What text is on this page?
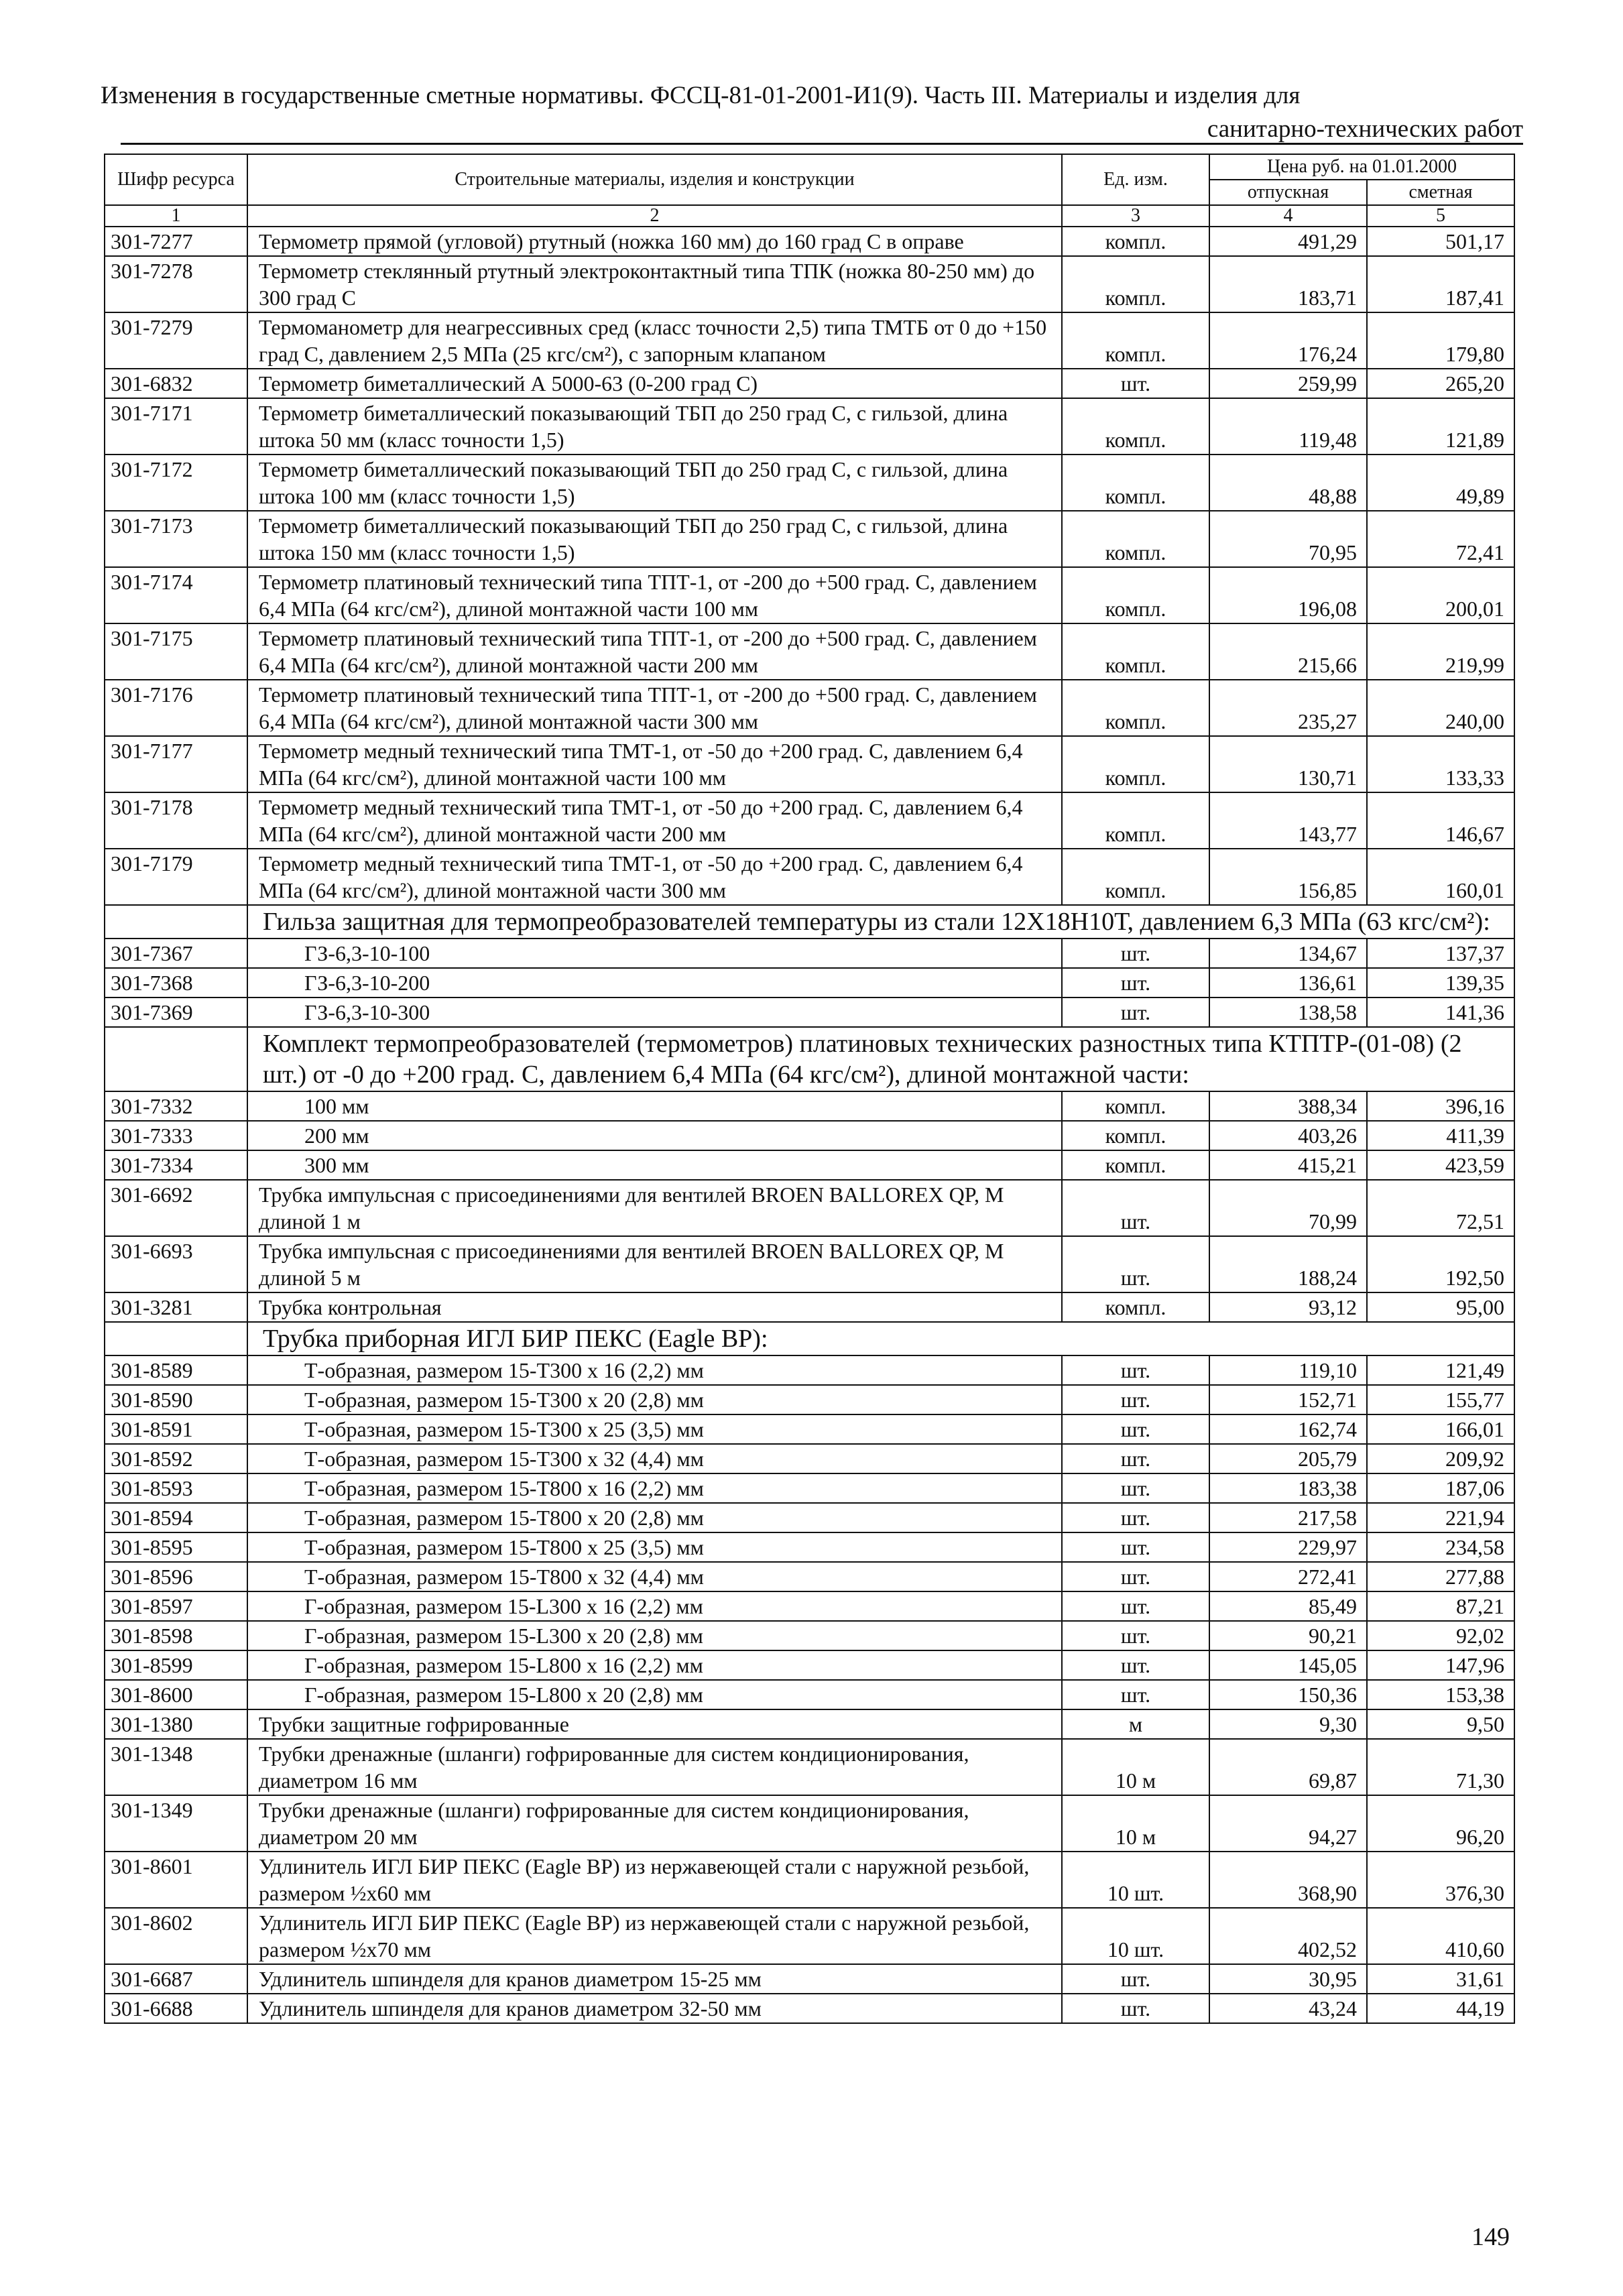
Изменения в государственные сметные нормативы. ФССЦ-81-01-2001-И1(9). Часть III. Материалы и изделия для
санитарно-технических работ
Шифр ресурса	Строительные материалы, изделия и конструкции	Ед. изм.	Цена руб. на 01.01.2000	
			отпускная	сметная
1	2	3	4	5
301-7277	Термометр прямой (угловой) ртутный (ножка 160 мм) до 160 град С в оправе	компл.	491,29	501,17
301-7278	Термометр стеклянный ртутный электроконтактный типа ТПК (ножка 80-250 мм) до 300 град С	компл.	183,71	187,41
301-7279	Термоманометр для неагрессивных сред (класс точности 2,5) типа ТМТБ от 0 до +150 град С, давлением 2,5 МПа (25 кгс/см²), с запорным клапаном	компл.	176,24	179,80
301-6832	Термометр биметаллический А 5000-63 (0-200 град С)	шт.	259,99	265,20
301-7171	Термометр биметаллический показывающий ТБП до 250 град С, с гильзой, длина штока 50 мм (класс точности 1,5)	компл.	119,48	121,89
301-7172	Термометр биметаллический показывающий ТБП до 250 град С, с гильзой, длина штока 100 мм (класс точности 1,5)	компл.	48,88	49,89
301-7173	Термометр биметаллический показывающий ТБП до 250 град С, с гильзой, длина штока 150 мм (класс точности 1,5)	компл.	70,95	72,41
301-7174	Термометр платиновый технический типа ТПТ-1, от -200 до +500 град. С, давлением 6,4 МПа (64 кгс/см²), длиной монтажной части 100 мм	компл.	196,08	200,01
301-7175	Термометр платиновый технический типа ТПТ-1, от -200 до +500 град. С, давлением 6,4 МПа (64 кгс/см²), длиной монтажной части 200 мм	компл.	215,66	219,99
301-7176	Термометр платиновый технический типа ТПТ-1, от -200 до +500 град. С, давлением 6,4 МПа (64 кгс/см²), длиной монтажной части 300 мм	компл.	235,27	240,00
301-7177	Термометр медный технический типа ТМТ-1, от -50 до +200 град. С, давлением 6,4 МПа (64 кгс/см²), длиной монтажной части 100 мм	компл.	130,71	133,33
301-7178	Термометр медный технический типа ТМТ-1, от -50 до +200 град. С, давлением 6,4 МПа (64 кгс/см²), длиной монтажной части 200 мм	компл.	143,77	146,67
301-7179	Термометр медный технический типа ТМТ-1, от -50 до +200 град. С, давлением 6,4 МПа (64 кгс/см²), длиной монтажной части 300 мм	компл.	156,85	160,01
	Гильза защитная для термопреобразователей температуры из стали 12Х18Н10Т, давлением 6,3 МПа (63 кгс/см²):			
301-7367	ГЗ-6,3-10-100	шт.	134,67	137,37
301-7368	ГЗ-6,3-10-200	шт.	136,61	139,35
301-7369	ГЗ-6,3-10-300	шт.	138,58	141,36
	Комплект термопреобразователей (термометров) платиновых технических разностных типа КТПТР-(01-08) (2 шт.) от -0 до +200 град. С, давлением 6,4 МПа (64 кгс/см²), длиной монтажной части:			
301-7332	100 мм	компл.	388,34	396,16
301-7333	200 мм	компл.	403,26	411,39
301-7334	300 мм	компл.	415,21	423,59
301-6692	Трубка импульсная с присоединениями для вентилей BROEN BALLOREX QP, М длиной 1 м	шт.	70,99	72,51
301-6693	Трубка импульсная с присоединениями для вентилей BROEN BALLOREX QP, М длиной 5 м	шт.	188,24	192,50
301-3281	Трубка контрольная	компл.	93,12	95,00
	Трубка приборная ИГЛ БИР ПЕКС (Eagle BP):			
301-8589	Т-образная, размером 15-Т300 х 16 (2,2) мм	шт.	119,10	121,49
301-8590	Т-образная, размером 15-Т300 х 20 (2,8) мм	шт.	152,71	155,77
301-8591	Т-образная, размером 15-Т300 х 25 (3,5) мм	шт.	162,74	166,01
301-8592	Т-образная, размером 15-Т300 х 32 (4,4) мм	шт.	205,79	209,92
301-8593	Т-образная, размером 15-Т800 х 16 (2,2) мм	шт.	183,38	187,06
301-8594	Т-образная, размером 15-Т800 х 20 (2,8) мм	шт.	217,58	221,94
301-8595	Т-образная, размером 15-Т800 х 25 (3,5) мм	шт.	229,97	234,58
301-8596	Т-образная, размером 15-Т800 х 32 (4,4) мм	шт.	272,41	277,88
301-8597	Г-образная, размером 15-L300 х 16 (2,2) мм	шт.	85,49	87,21
301-8598	Г-образная, размером 15-L300 х 20 (2,8) мм	шт.	90,21	92,02
301-8599	Г-образная, размером 15-L800 х 16 (2,2) мм	шт.	145,05	147,96
301-8600	Г-образная, размером 15-L800 х 20 (2,8) мм	шт.	150,36	153,38
301-1380	Трубки защитные гофрированные	м	9,30	9,50
301-1348	Трубки дренажные (шланги) гофрированные для систем кондиционирования, диаметром 16 мм	10 м	69,87	71,30
301-1349	Трубки дренажные (шланги) гофрированные для систем кондиционирования, диаметром 20 мм	10 м	94,27	96,20
301-8601	Удлинитель ИГЛ БИР ПЕКС (Eagle BP) из нержавеющей стали с наружной резьбой, размером ½х60 мм	10 шт.	368,90	376,30
301-8602	Удлинитель ИГЛ БИР ПЕКС (Eagle BP) из нержавеющей стали с наружной резьбой, размером ½х70 мм	10 шт.	402,52	410,60
301-6687	Удлинитель шпинделя для кранов диаметром 15-25 мм	шт.	30,95	31,61
301-6688	Удлинитель шпинделя для кранов диаметром 32-50 мм	шт.	43,24	44,19
149
